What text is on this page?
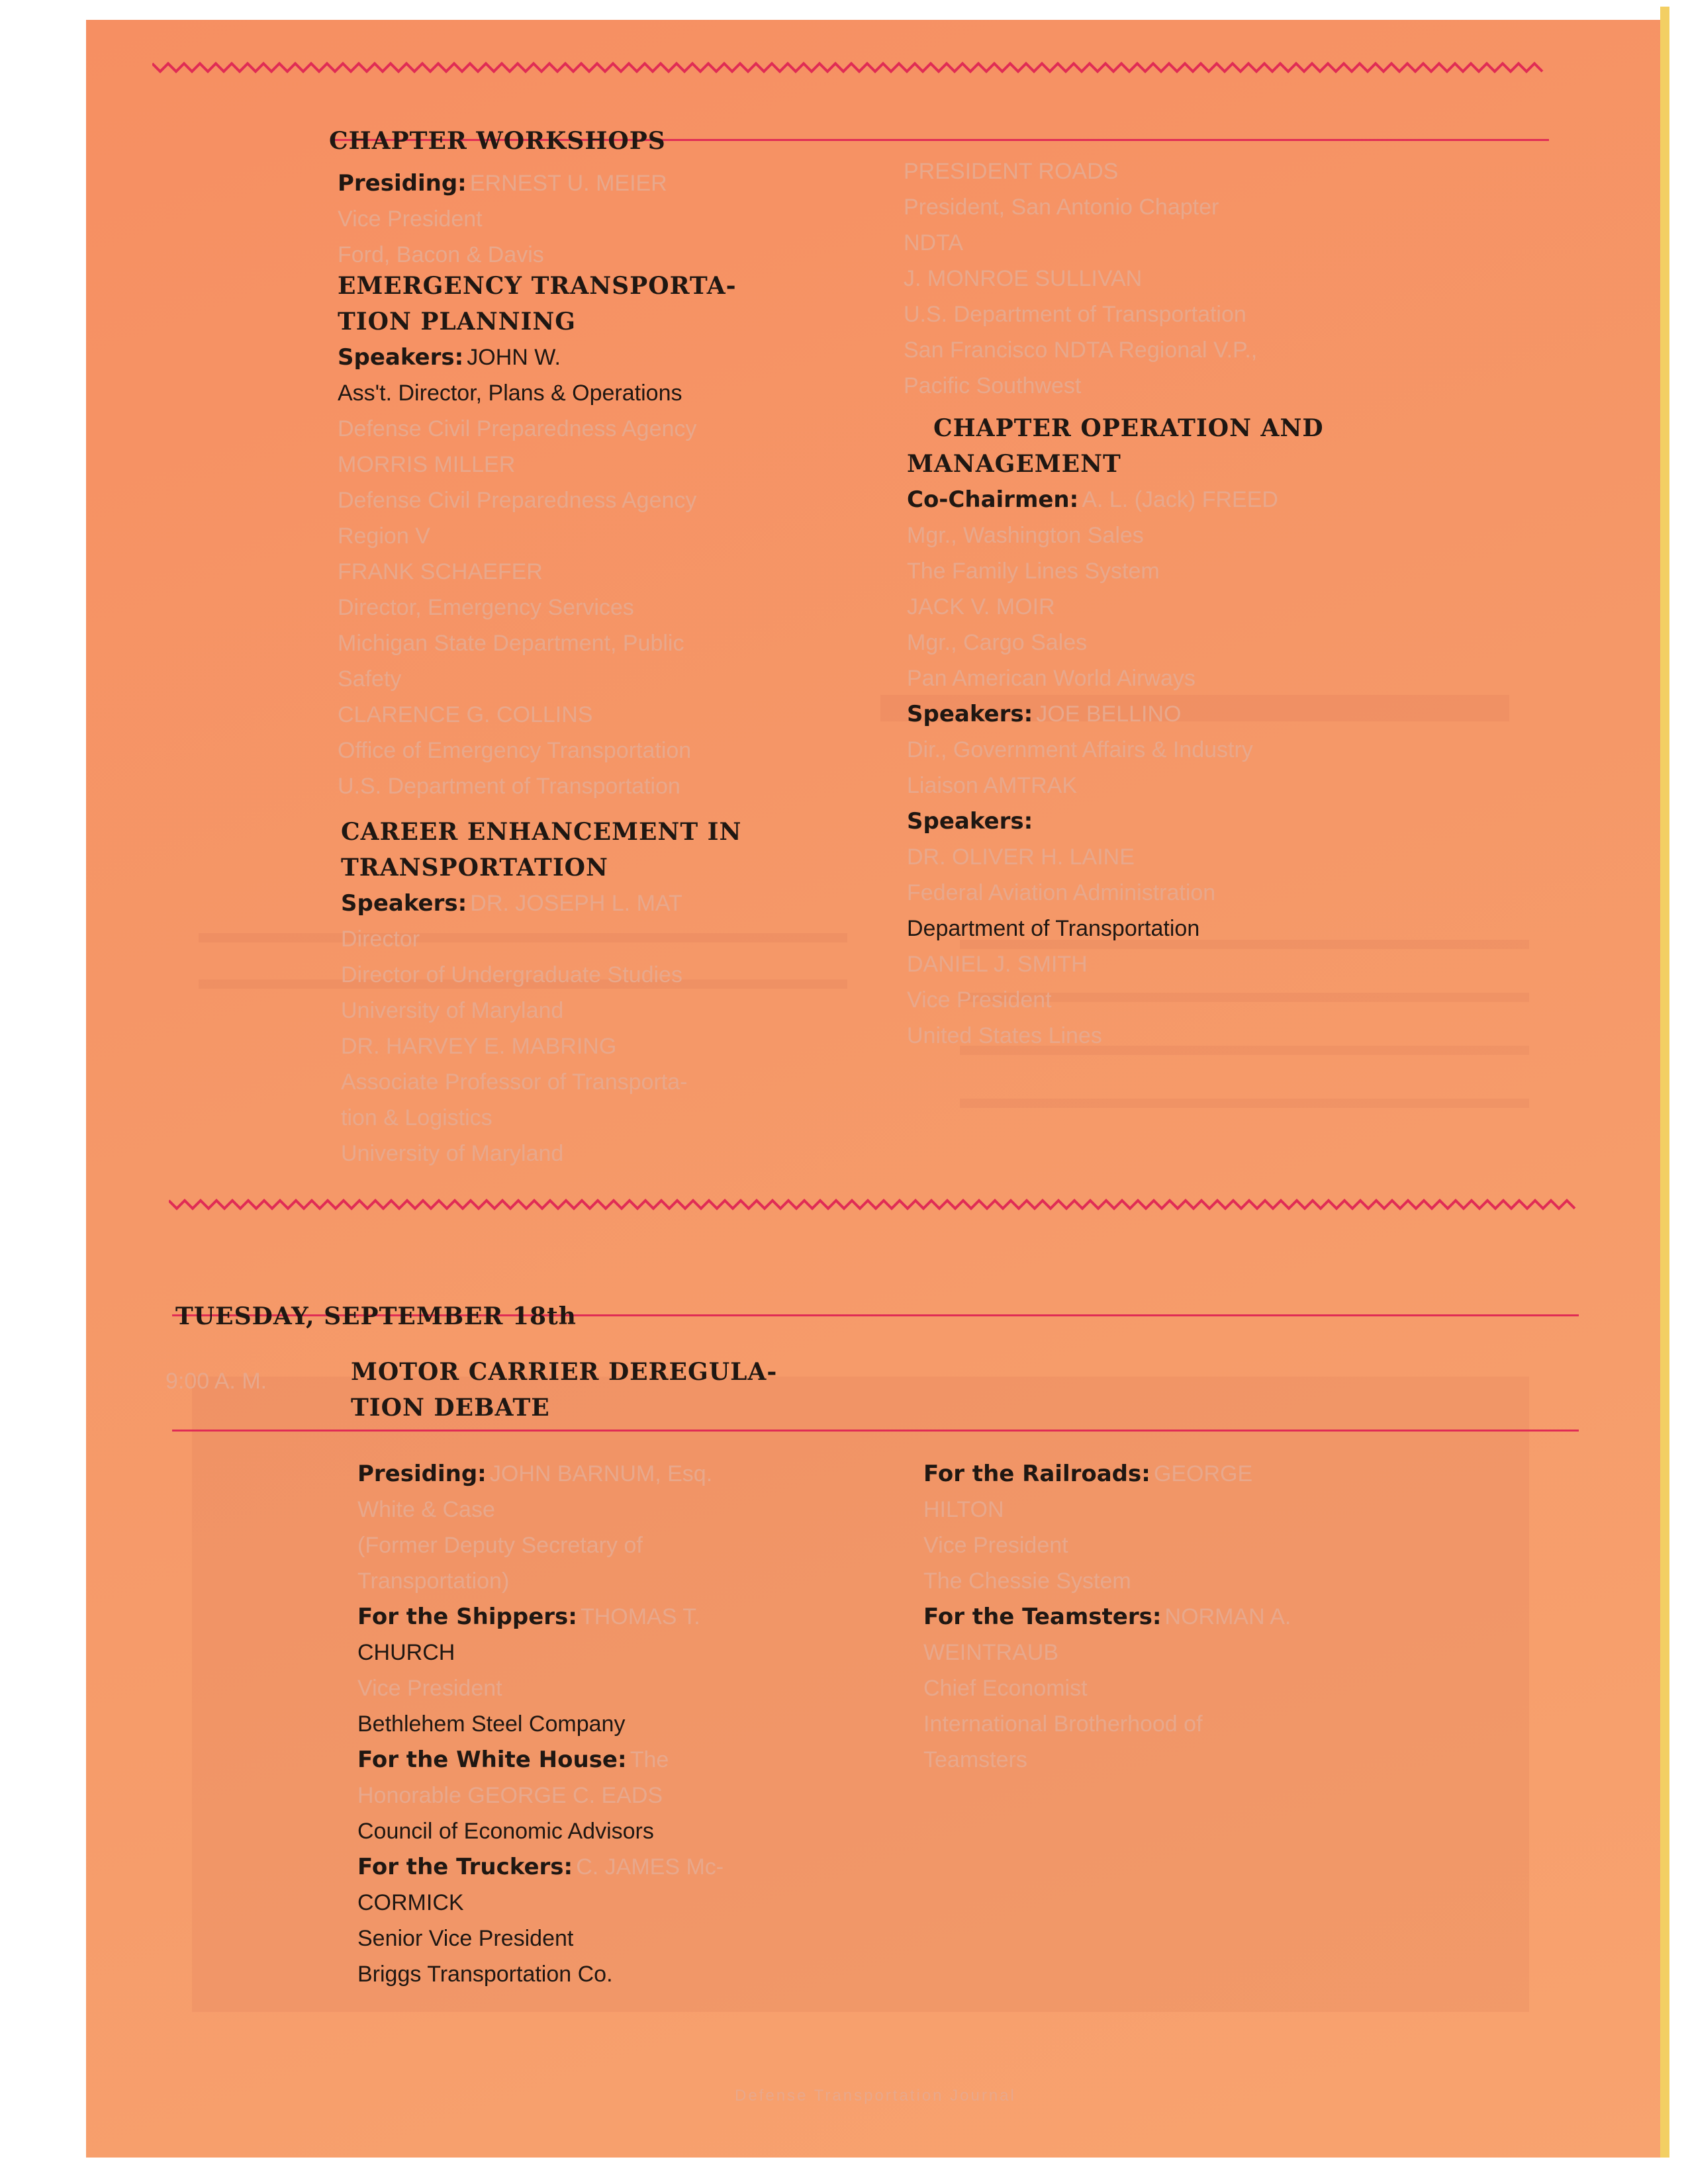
CHAPTER WORKSHOPS
Presiding: ERNEST U. MEIER
Vice President
Ford, Bacon & Davis
EMERGENCY TRANSPORTA-
TION PLANNING
Speakers: JOHN W.
Ass't. Director, Plans & Operations
Defense Civil Preparedness Agency
MORRIS MILLER
Defense Civil Preparedness Agency
Region V
FRANK SCHAEFER
Director, Emergency Services
Michigan State Department, Public
Safety
CLARENCE G. COLLINS
Office of Emergency Transportation
U.S. Department of Transportation
CAREER ENHANCEMENT IN
TRANSPORTATION
Speakers: DR. JOSEPH L. MAT
Director
Director of Undergraduate Studies
University of Maryland
DR. HARVEY E. MABRING
Associate Professor of Transporta-
tion & Logistics
University of Maryland
PRESIDENT ROADS
President, San Antonio Chapter
NDTA
J. MONROE SULLIVAN
U.S. Department of Transportation
San Francisco NDTA Regional V.P.,
Pacific Southwest
CHAPTER OPERATION AND
MANAGEMENT
Co-Chairmen: A. L. (Jack) FREED
Mgr., Washington Sales
The Family Lines System
JACK V. MOIR
Mgr., Cargo Sales
Pan American World Airways
Speakers: JOE BELLINO
Dir., Government Affairs & Industry
Liaison AMTRAK
Speakers:
DR. OLIVER H. LAINE
Federal Aviation Administration
Department of Transportation
DANIEL J. SMITH
Vice President
United States Lines
TUESDAY, SEPTEMBER 18th
9:00 A. M.	MOTOR CARRIER DEREGULA-
TION DEBATE
Presiding: JOHN BARNUM, Esq.
White & Case
(Former Deputy Secretary of
Transportation)
For the Shippers: THOMAS T.
CHURCH
Vice President
Bethlehem Steel Company
For the White House: The
Honorable GEORGE C. EADS
Council of Economic Advisors
For the Truckers: C. JAMES Mc-
CORMICK
Senior Vice President
Briggs Transportation Co.
For the Railroads: GEORGE
HILTON
Vice President
The Chessie System
For the Teamsters: NORMAN A.
WEINTRAUB
Chief Economist
International Brotherhood of
Teamsters
Defense Transportation Journal
